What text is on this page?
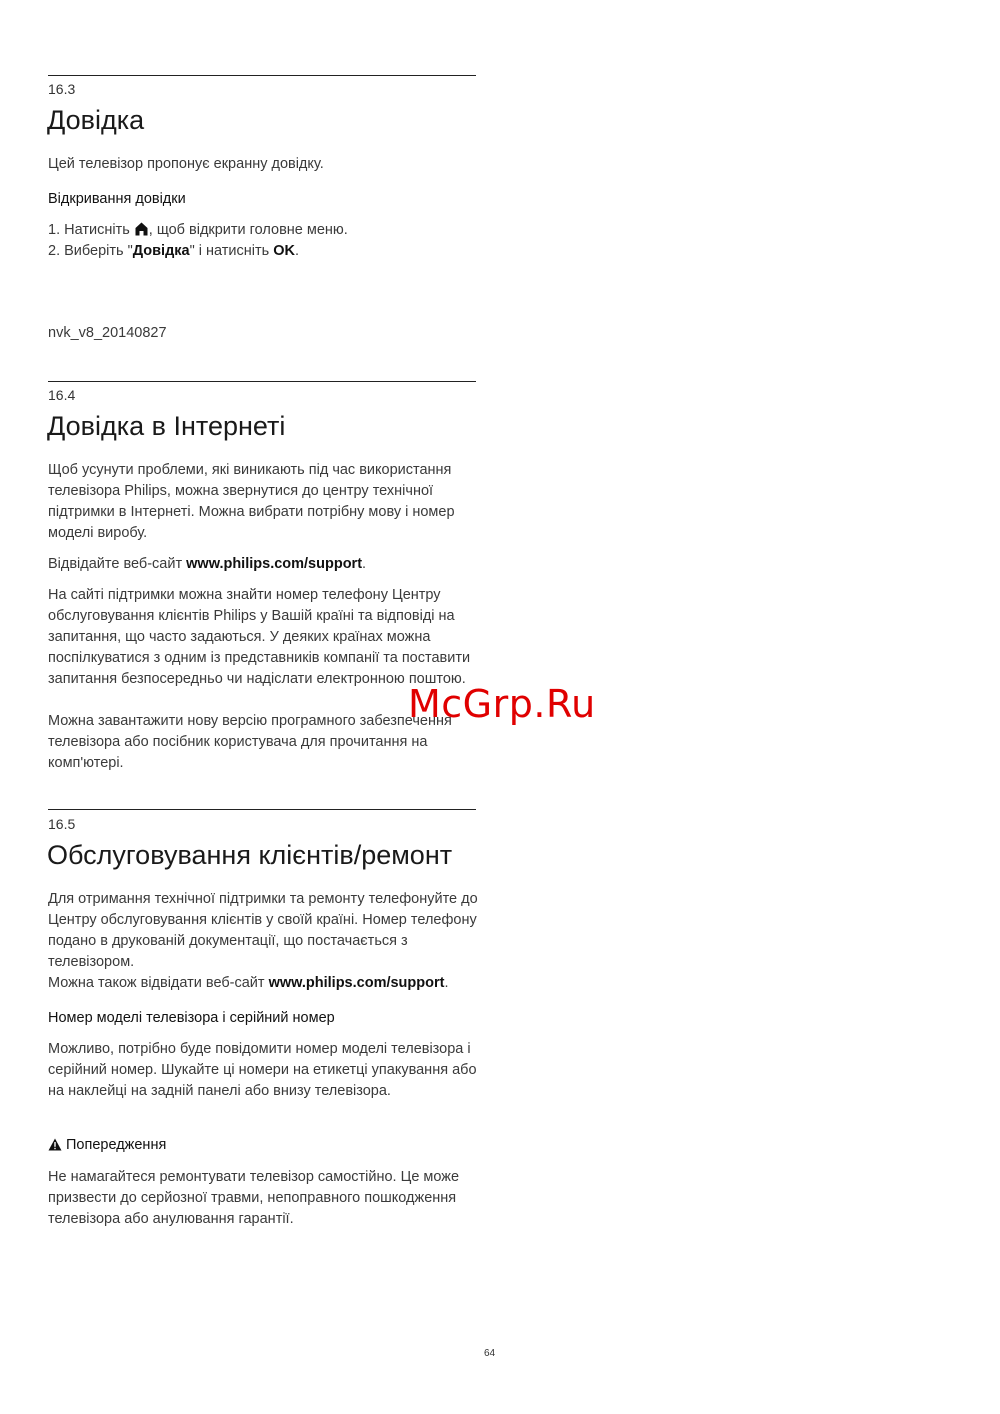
16.3
Довідка

Цей телевізор пропонує екранну довідку.

Відкривання довідки

1. Натисніть , щоб відкрити головне меню.

2. Виберіть "Довідка" і натисніть OK.

nvk_v8_20140827

16.4
Довідка в Інтернеті

Щоб усунути проблеми, які виникають під час використання телевізора Philips, можна звернутися до центру технічної підтримки в Інтернеті. Можна вибрати потрібну мову і номер моделі виробу.

Відвідайте веб-сайт www.philips.com/support.

На сайті підтримки можна знайти номер телефону Центру обслуговування клієнтів Philips у Вашій країні та відповіді на запитання, що часто задаються. У деяких країнах можна поспілкуватися з одним із представників компанії та поставити запитання безпосередньо чи надіслати електронною поштою.

Можна завантажити нову версію програмного забезпечення телевізора або посібник користувача для прочитання на комп'ютері.

McGrp.Ru
16.5
Обслуговування клієнтів/ремонт

Для отримання технічної підтримки та ремонту телефонуйте до Центру обслуговування клієнтів у своїй країні. Номер телефону подано в друкованій документації, що постачається з телевізором.

Можна також відвідати веб-сайт www.philips.com/support.

Номер моделі телевізора і серійний номер

Можливо, потрібно буде повідомити номер моделі телевізора і серійний номер. Шукайте ці номери на етикетці упакування або на наклейці на задній панелі або внизу телевізора.

Попередження

Не намагайтеся ремонтувати телевізор самостійно. Це може призвести до серйозної травми, непоправного пошкодження телевізора або анулювання гарантії.

64
